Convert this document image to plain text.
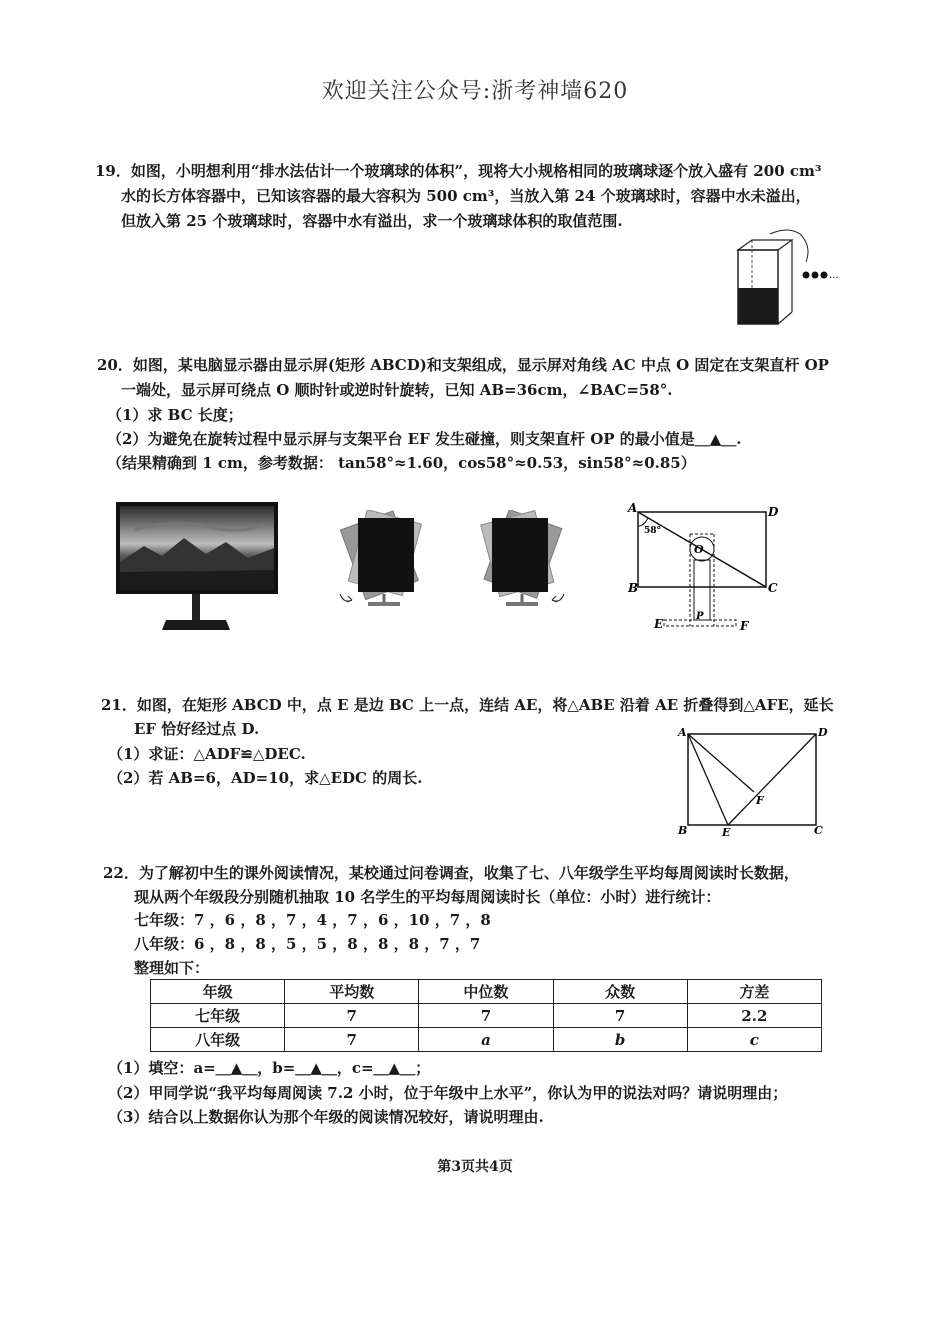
欢迎关注公众号:浙考神墙620
19．如图，小明想利用“排水法估计一个玻璃球的体积”，现将大小规格相同的玻璃球逐个放入盛有 200 cm³
水的长方体容器中，已知该容器的最大容积为 500 cm³，当放入第 24 个玻璃球时，容器中水未溢出，
但放入第 25 个玻璃球时，容器中水有溢出，求一个玻璃球体积的取值范围.
...
20．如图，某电脑显示器由显示屏(矩形 ABCD)和支架组成，显示屏对角线 AC 中点 O 固定在支架直杆 OP
一端处，显示屏可绕点 O 顺时针或逆时针旋转，已知 AB=36cm，∠BAC=58°.
（1）求 BC 长度；
（2）为避免在旋转过程中显示屏与支架平台 EF 发生碰撞，则支架直杆 OP 的最小值是＿▲＿.
（结果精确到 1 cm，参考数据： tan58°≈1.60，cos58°≈0.53，sin58°≈0.85）
A	D
B	C
58°
O
P
E	F
21．如图，在矩形 ABCD 中，点 E 是边 BC 上一点，连结 AE，将△ABE 沿着 AE 折叠得到△AFE，延长
EF 恰好经过点 D.
（1）求证：△ADF≌△DEC.
（2）若 AB=6，AD=10，求△EDC 的周长.
A	D
B	C
E
F
22．为了解初中生的课外阅读情况，某校通过问卷调查，收集了七、八年级学生平均每周阅读时长数据，
现从两个年级段分别随机抽取 10 名学生的平均每周阅读时长（单位：小时）进行统计：
七年级：7 ，6 ，8 ，7 ，4 ，7 ，6 ，10 ，7 ，8
八年级：6 ，8 ，8 ，5 ，5 ，8 ，8 ，8 ，7 ，7
整理如下：
年级	平均数	中位数	众数	方差
七年级	7	7	7	2.2
八年级	7	a	b	c
（1）填空：a=＿▲＿，b=＿▲＿，c=＿▲＿；
（2）甲同学说“我平均每周阅读 7.2 小时，位于年级中上水平”，你认为甲的说法对吗？请说明理由；
（3）结合以上数据你认为那个年级的阅读情况较好，请说明理由.
第3页共4页
